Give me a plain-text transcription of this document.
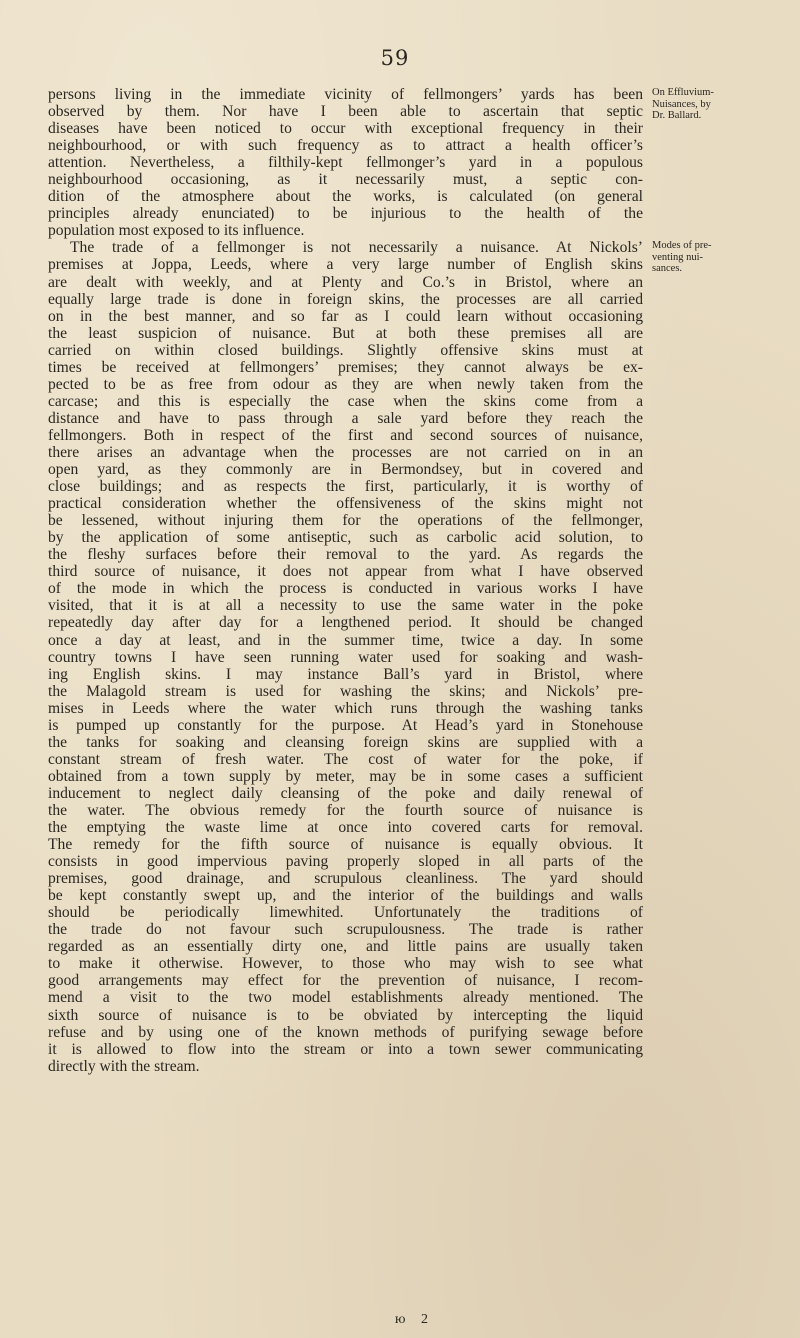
59
persons living in the immediate vicinity of fellmongers’ yards has been
observed by them. Nor have I been able to ascertain that septic
diseases have been noticed to occur with exceptional frequency in their
neighbourhood, or with such frequency as to attract a health officer’s
attention. Nevertheless, a filthily-kept fellmonger’s yard in a populous
neighbourhood occasioning, as it necessarily must, a septic con-
dition of the atmosphere about the works, is calculated (on general
principles already enunciated) to be injurious to the health of the
population most exposed to its influence.
The trade of a fellmonger is not necessarily a nuisance. At Nickols’
premises at Joppa, Leeds, where a very large number of English skins
are dealt with weekly, and at Plenty and Co.’s in Bristol, where an
equally large trade is done in foreign skins, the processes are all carried
on in the best manner, and so far as I could learn without occasioning
the least suspicion of nuisance. But at both these premises all are
carried on within closed buildings. Slightly offensive skins must at
times be received at fellmongers’ premises; they cannot always be ex-
pected to be as free from odour as they are when newly taken from the
carcase; and this is especially the case when the skins come from a
distance and have to pass through a sale yard before they reach the
fellmongers. Both in respect of the first and second sources of nuisance,
there arises an advantage when the processes are not carried on in an
open yard, as they commonly are in Bermondsey, but in covered and
close buildings; and as respects the first, particularly, it is worthy of
practical consideration whether the offensiveness of the skins might not
be lessened, without injuring them for the operations of the fellmonger,
by the application of some antiseptic, such as carbolic acid solution, to
the fleshy surfaces before their removal to the yard. As regards the
third source of nuisance, it does not appear from what I have observed
of the mode in which the process is conducted in various works I have
visited, that it is at all a necessity to use the same water in the poke
repeatedly day after day for a lengthened period. It should be changed
once a day at least, and in the summer time, twice a day. In some
country towns I have seen running water used for soaking and wash-
ing English skins. I may instance Ball’s yard in Bristol, where
the Malagold stream is used for washing the skins; and Nickols’ pre-
mises in Leeds where the water which runs through the washing tanks
is pumped up constantly for the purpose. At Head’s yard in Stonehouse
the tanks for soaking and cleansing foreign skins are supplied with a
constant stream of fresh water. The cost of water for the poke, if
obtained from a town supply by meter, may be in some cases a sufficient
inducement to neglect daily cleansing of the poke and daily renewal of
the water. The obvious remedy for the fourth source of nuisance is
the emptying the waste lime at once into covered carts for removal.
The remedy for the fifth source of nuisance is equally obvious. It
consists in good impervious paving properly sloped in all parts of the
premises, good drainage, and scrupulous cleanliness. The yard should
be kept constantly swept up, and the interior of the buildings and walls
should be periodically limewhited. Unfortunately the traditions of
the trade do not favour such scrupulousness. The trade is rather
regarded as an essentially dirty one, and little pains are usually taken
to make it otherwise. However, to those who may wish to see what
good arrangements may effect for the prevention of nuisance, I recom-
mend a visit to the two model establishments already mentioned. The
sixth source of nuisance is to be obviated by intercepting the liquid
refuse and by using one of the known methods of purifying sewage before
it is allowed to flow into the stream or into a town sewer communicating
directly with the stream.
On Effluvium-
Nuisances, by
Dr. Ballard.
Modes of pre-
venting nui-
sances.
ю 2
